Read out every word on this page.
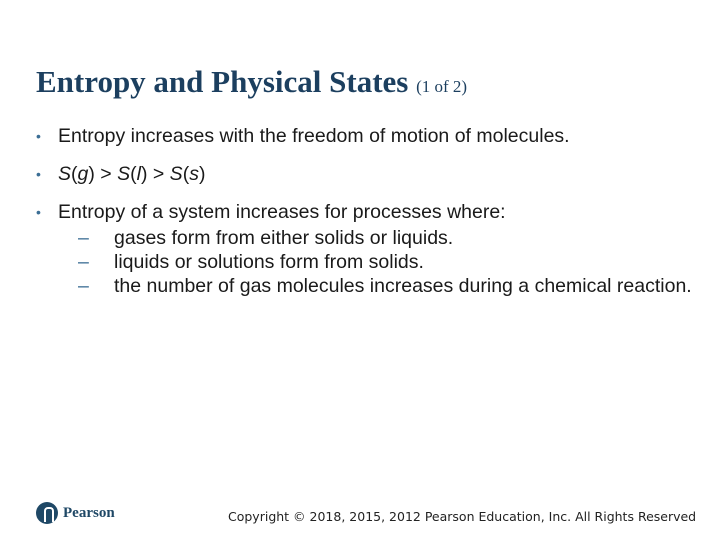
Entropy and Physical States (1 of 2)
• Entropy increases with the freedom of motion of molecules.
• S(g) > S(l) > S(s)
• Entropy of a system increases for processes where:
– gases form from either solids or liquids.
– liquids or solutions form from solids.
– the number of gas molecules increases during a chemical reaction.
Pearson	Copyright © 2018, 2015, 2012 Pearson Education, Inc. All Rights Reserved
